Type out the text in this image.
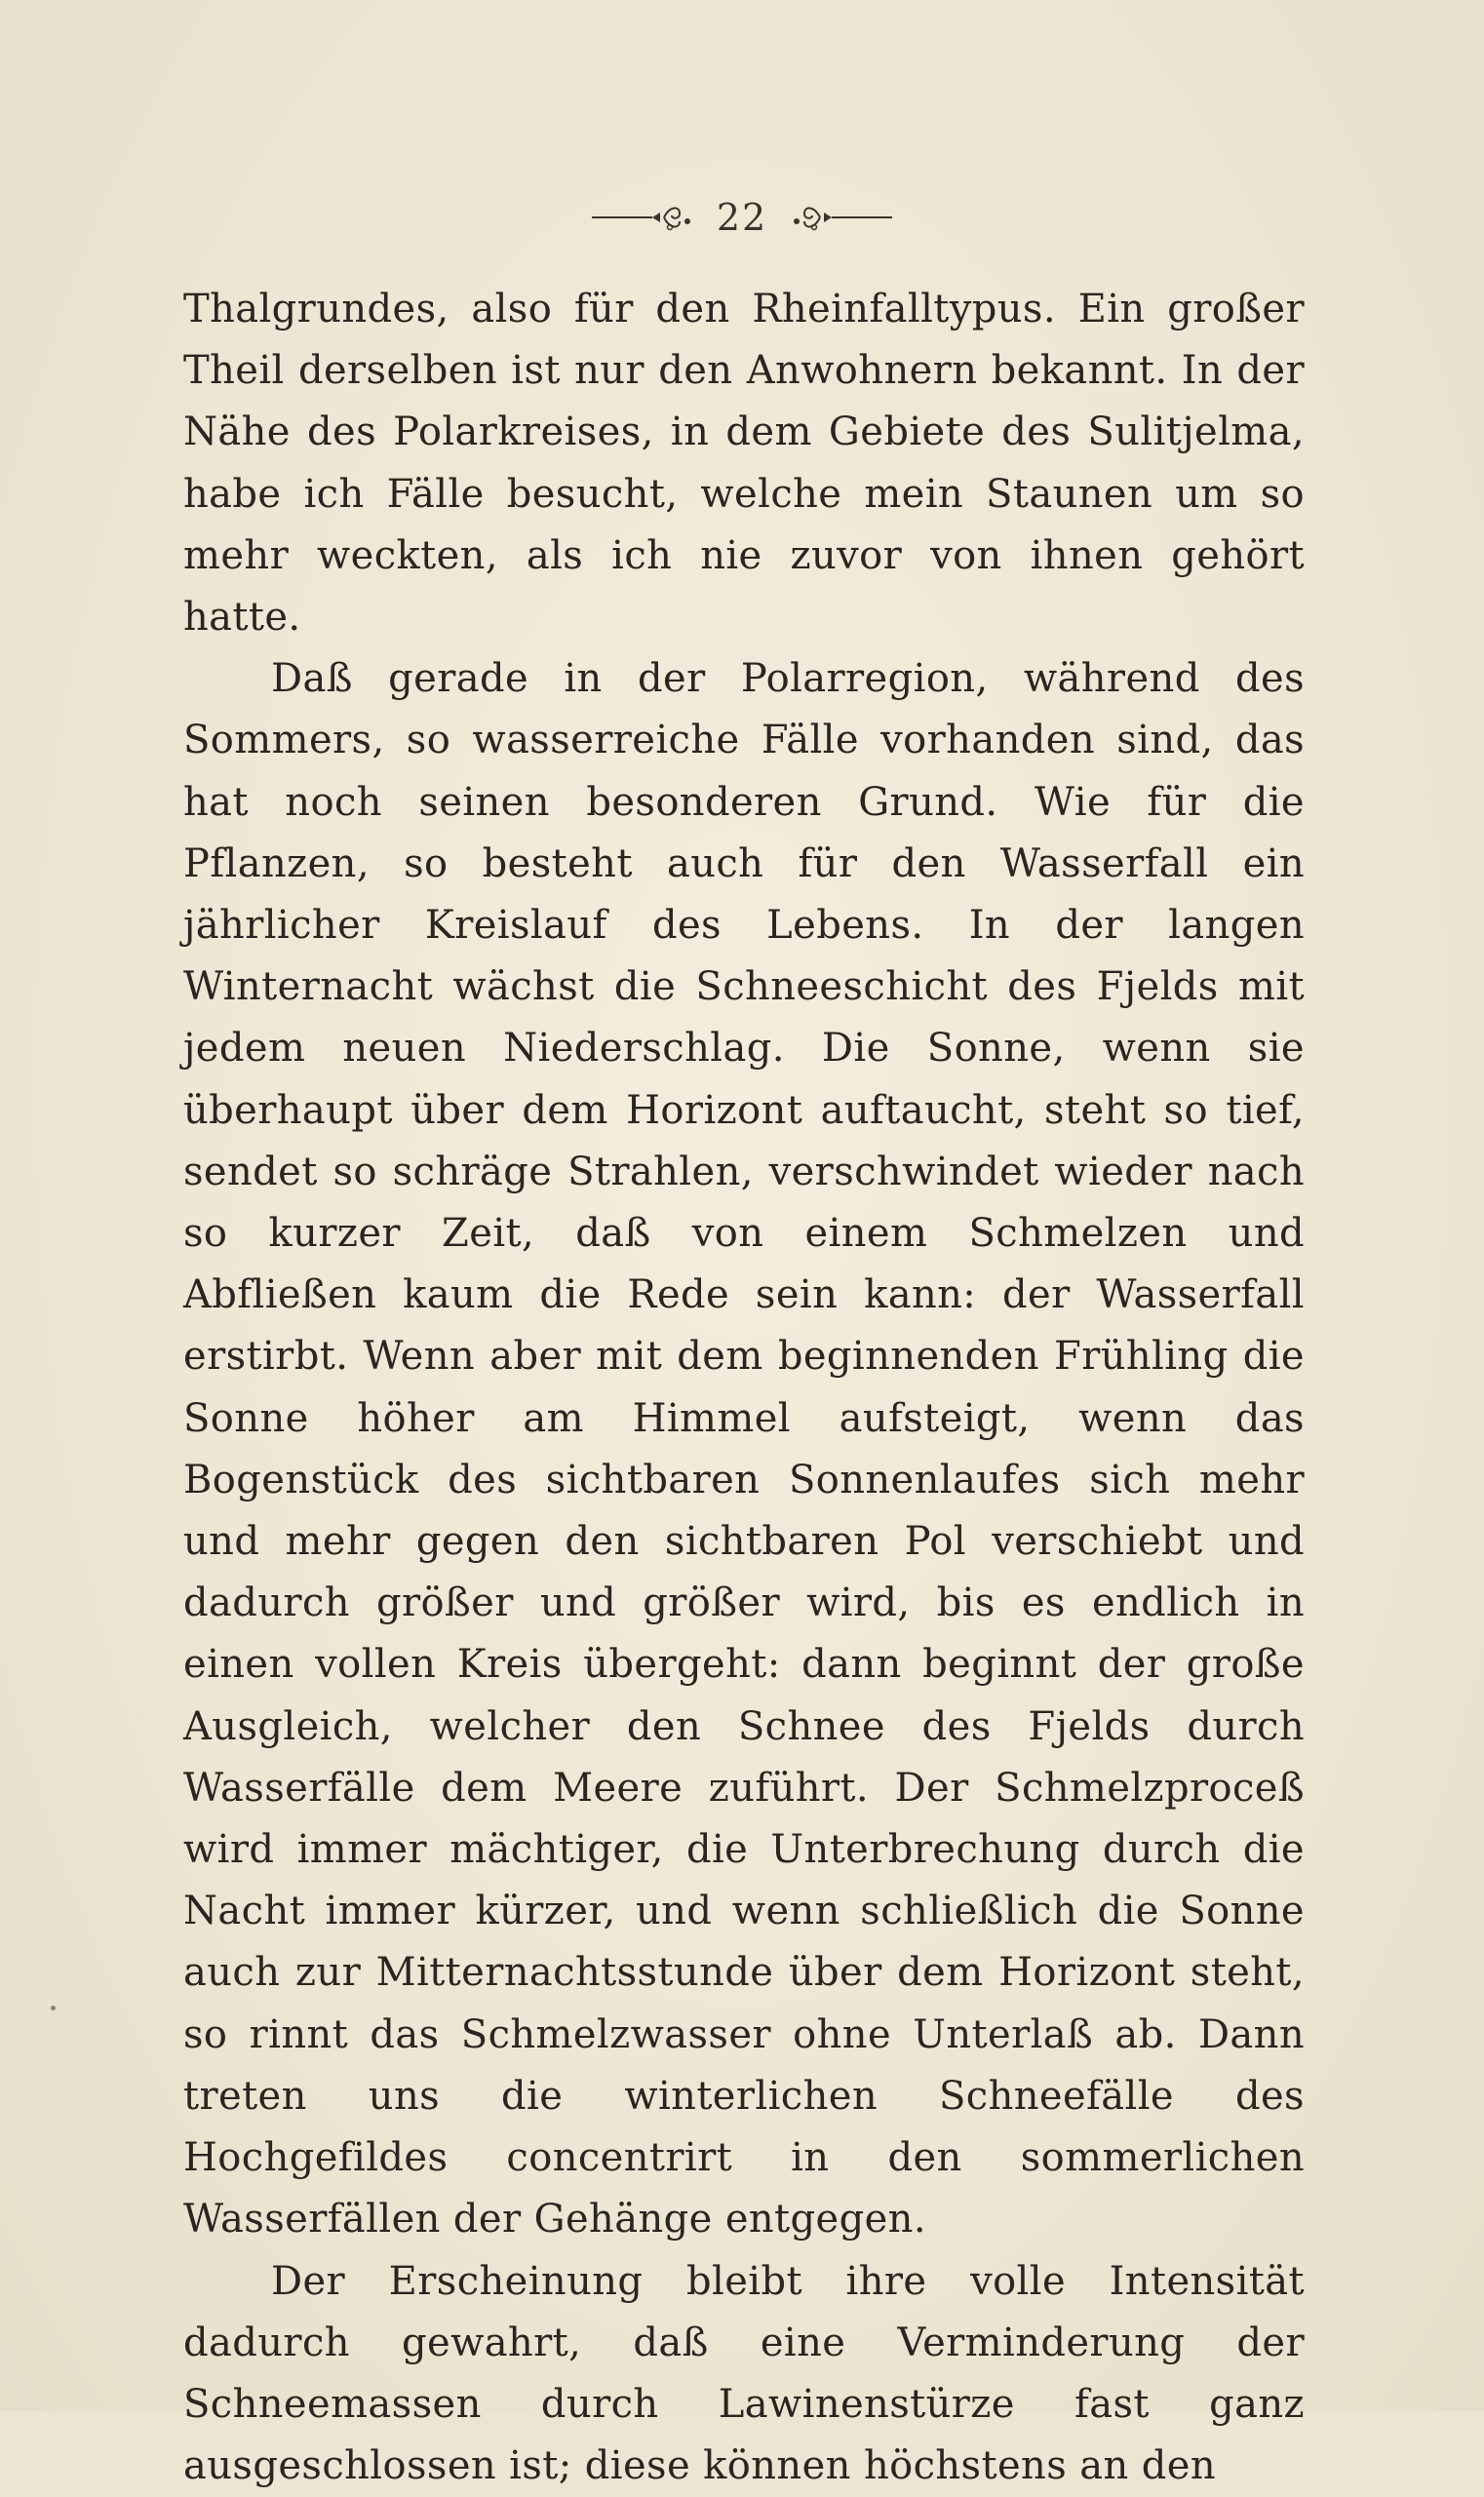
22

Thalgrundes, also für den Rheinfalltypus. Ein großer Theil derselben ist nur den Anwohnern bekannt. In der Nähe des Polarkreises, in dem Gebiete des Sulitjelma, habe ich Fälle besucht, welche mein Staunen um so mehr weckten, als ich nie zuvor von ihnen gehört hatte.

Daß gerade in der Polarregion, während des Sommers, so wasserreiche Fälle vorhanden sind, das hat noch seinen besonderen Grund. Wie für die Pflanzen, so besteht auch für den Wasserfall ein jährlicher Kreislauf des Lebens. In der langen Winternacht wächst die Schneeschicht des Fjelds mit jedem neuen Niederschlag. Die Sonne, wenn sie überhaupt über dem Horizont auftaucht, steht so tief, sendet so schräge Strahlen, verschwindet wieder nach so kurzer Zeit, daß von einem Schmelzen und Abfließen kaum die Rede sein kann: der Wasserfall erstirbt. Wenn aber mit dem beginnenden Frühling die Sonne höher am Himmel aufsteigt, wenn das Bogenstück des sichtbaren Sonnenlaufes sich mehr und mehr gegen den sichtbaren Pol verschiebt und dadurch größer und größer wird, bis es endlich in einen vollen Kreis übergeht: dann beginnt der große Ausgleich, welcher den Schnee des Fjelds durch Wasserfälle dem Meere zuführt. Der Schmelzproceß wird immer mächtiger, die Unterbrechung durch die Nacht immer kürzer, und wenn schließlich die Sonne auch zur Mitternachtsstunde über dem Horizont steht, so rinnt das Schmelzwasser ohne Unterlaß ab. Dann treten uns die winterlichen Schneefälle des Hochgefildes concentrirt in den sommerlichen Wasserfällen der Gehänge entgegen.

Der Erscheinung bleibt ihre volle Intensität dadurch gewahrt, daß eine Verminderung der Schneemassen durch Lawinenstürze fast ganz ausgeschlossen ist; diese können höchstens an den
